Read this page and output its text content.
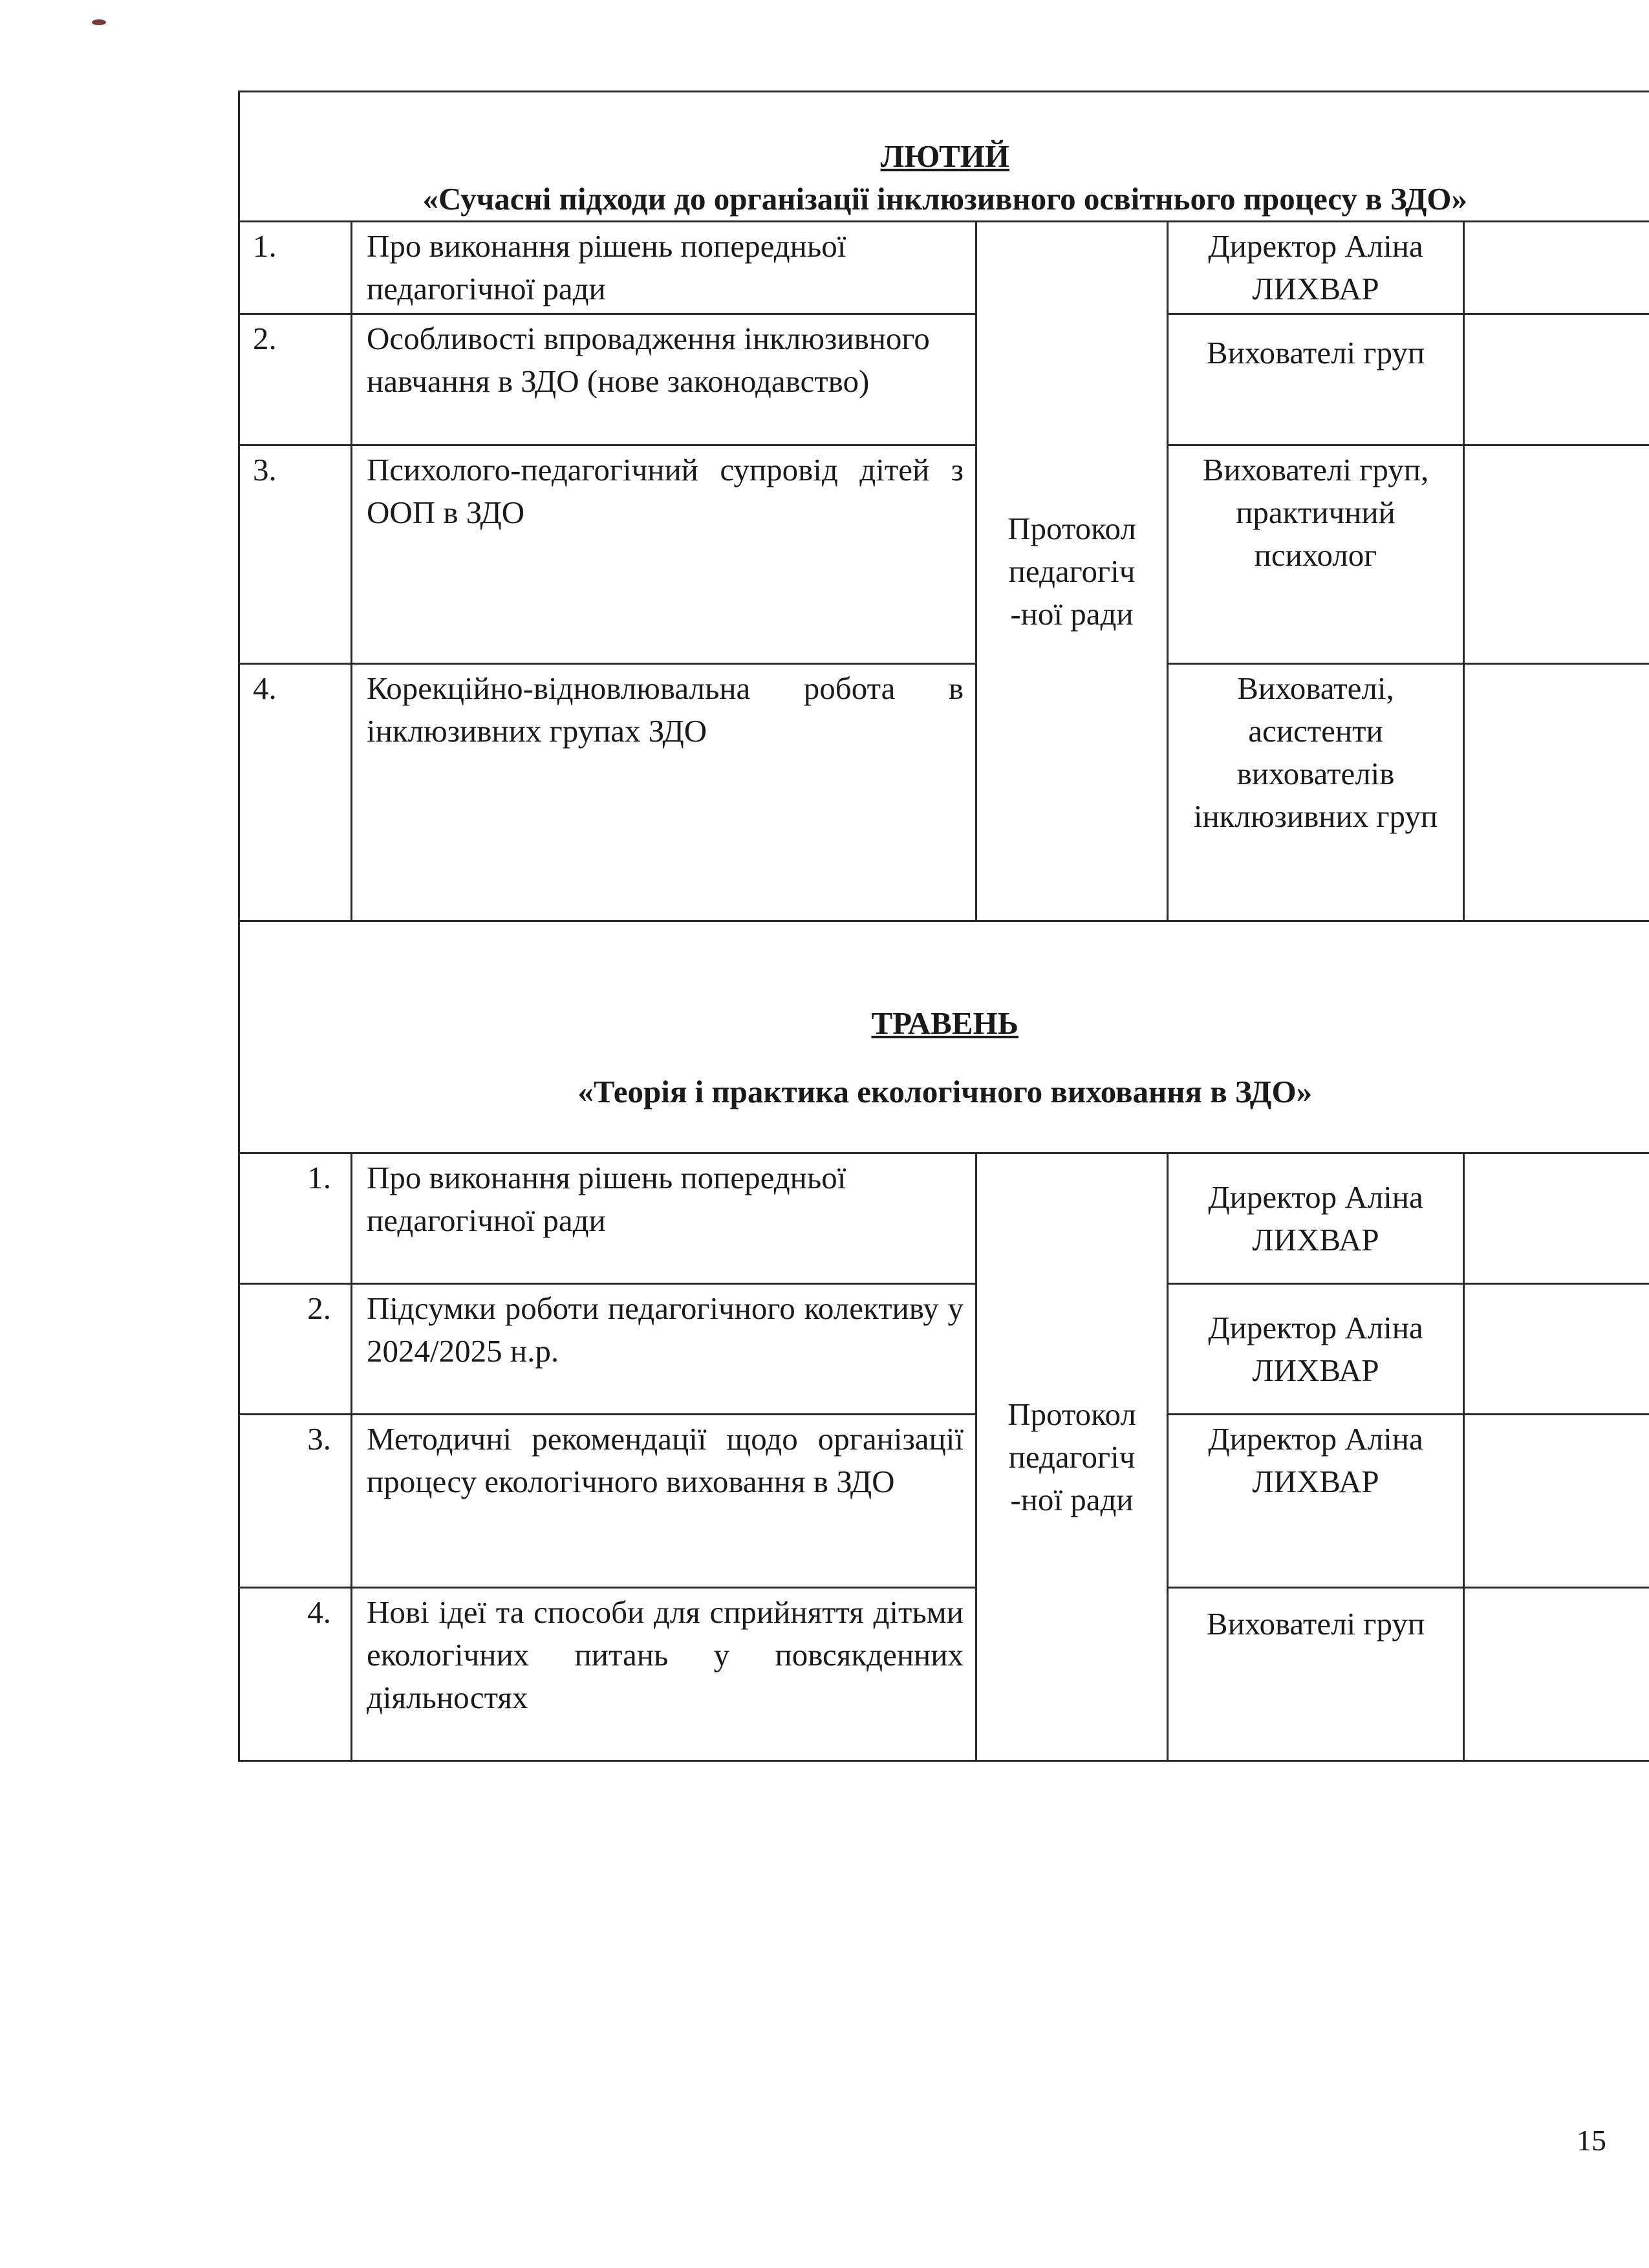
ЛЮТИЙ
«Сучасні підходи до організації інклюзивного освітнього процесу в ЗДО»				
1.	Про виконання рішень попередньої педагогічної ради	Протокол педагогіч -ної ради	Директор Аліна ЛИХВАР	
2.	Особливості впровадження інклюзивного навчання в ЗДО (нове законодавство)		Вихователі груп	
3.	Психолого-педагогічний супровід дітей з ООП в ЗДО		Вихователі груп, практичний психолог	
4.	Корекційно-відновлювальна робота в інклюзивних групах ЗДО		Вихователі, асистенти вихователів інклюзивних груп	

ТРАВЕНЬ
«Теорія і практика екологічного виховання в ЗДО»				
1.	Про виконання рішень попередньої педагогічної ради	Протокол педагогіч -ної ради	Директор Аліна ЛИХВАР	
2.	Підсумки роботи педагогічного колективу у 2024/2025 н.р.		Директор Аліна ЛИХВАР	
3.	Методичні рекомендації щодо організації процесу екологічного виховання в ЗДО		Директор Аліна ЛИХВАР	
4.	Нові ідеї та способи для сприйняття дітьми екологічних питань у повсякденних діяльностях		Вихователі груп	
15
